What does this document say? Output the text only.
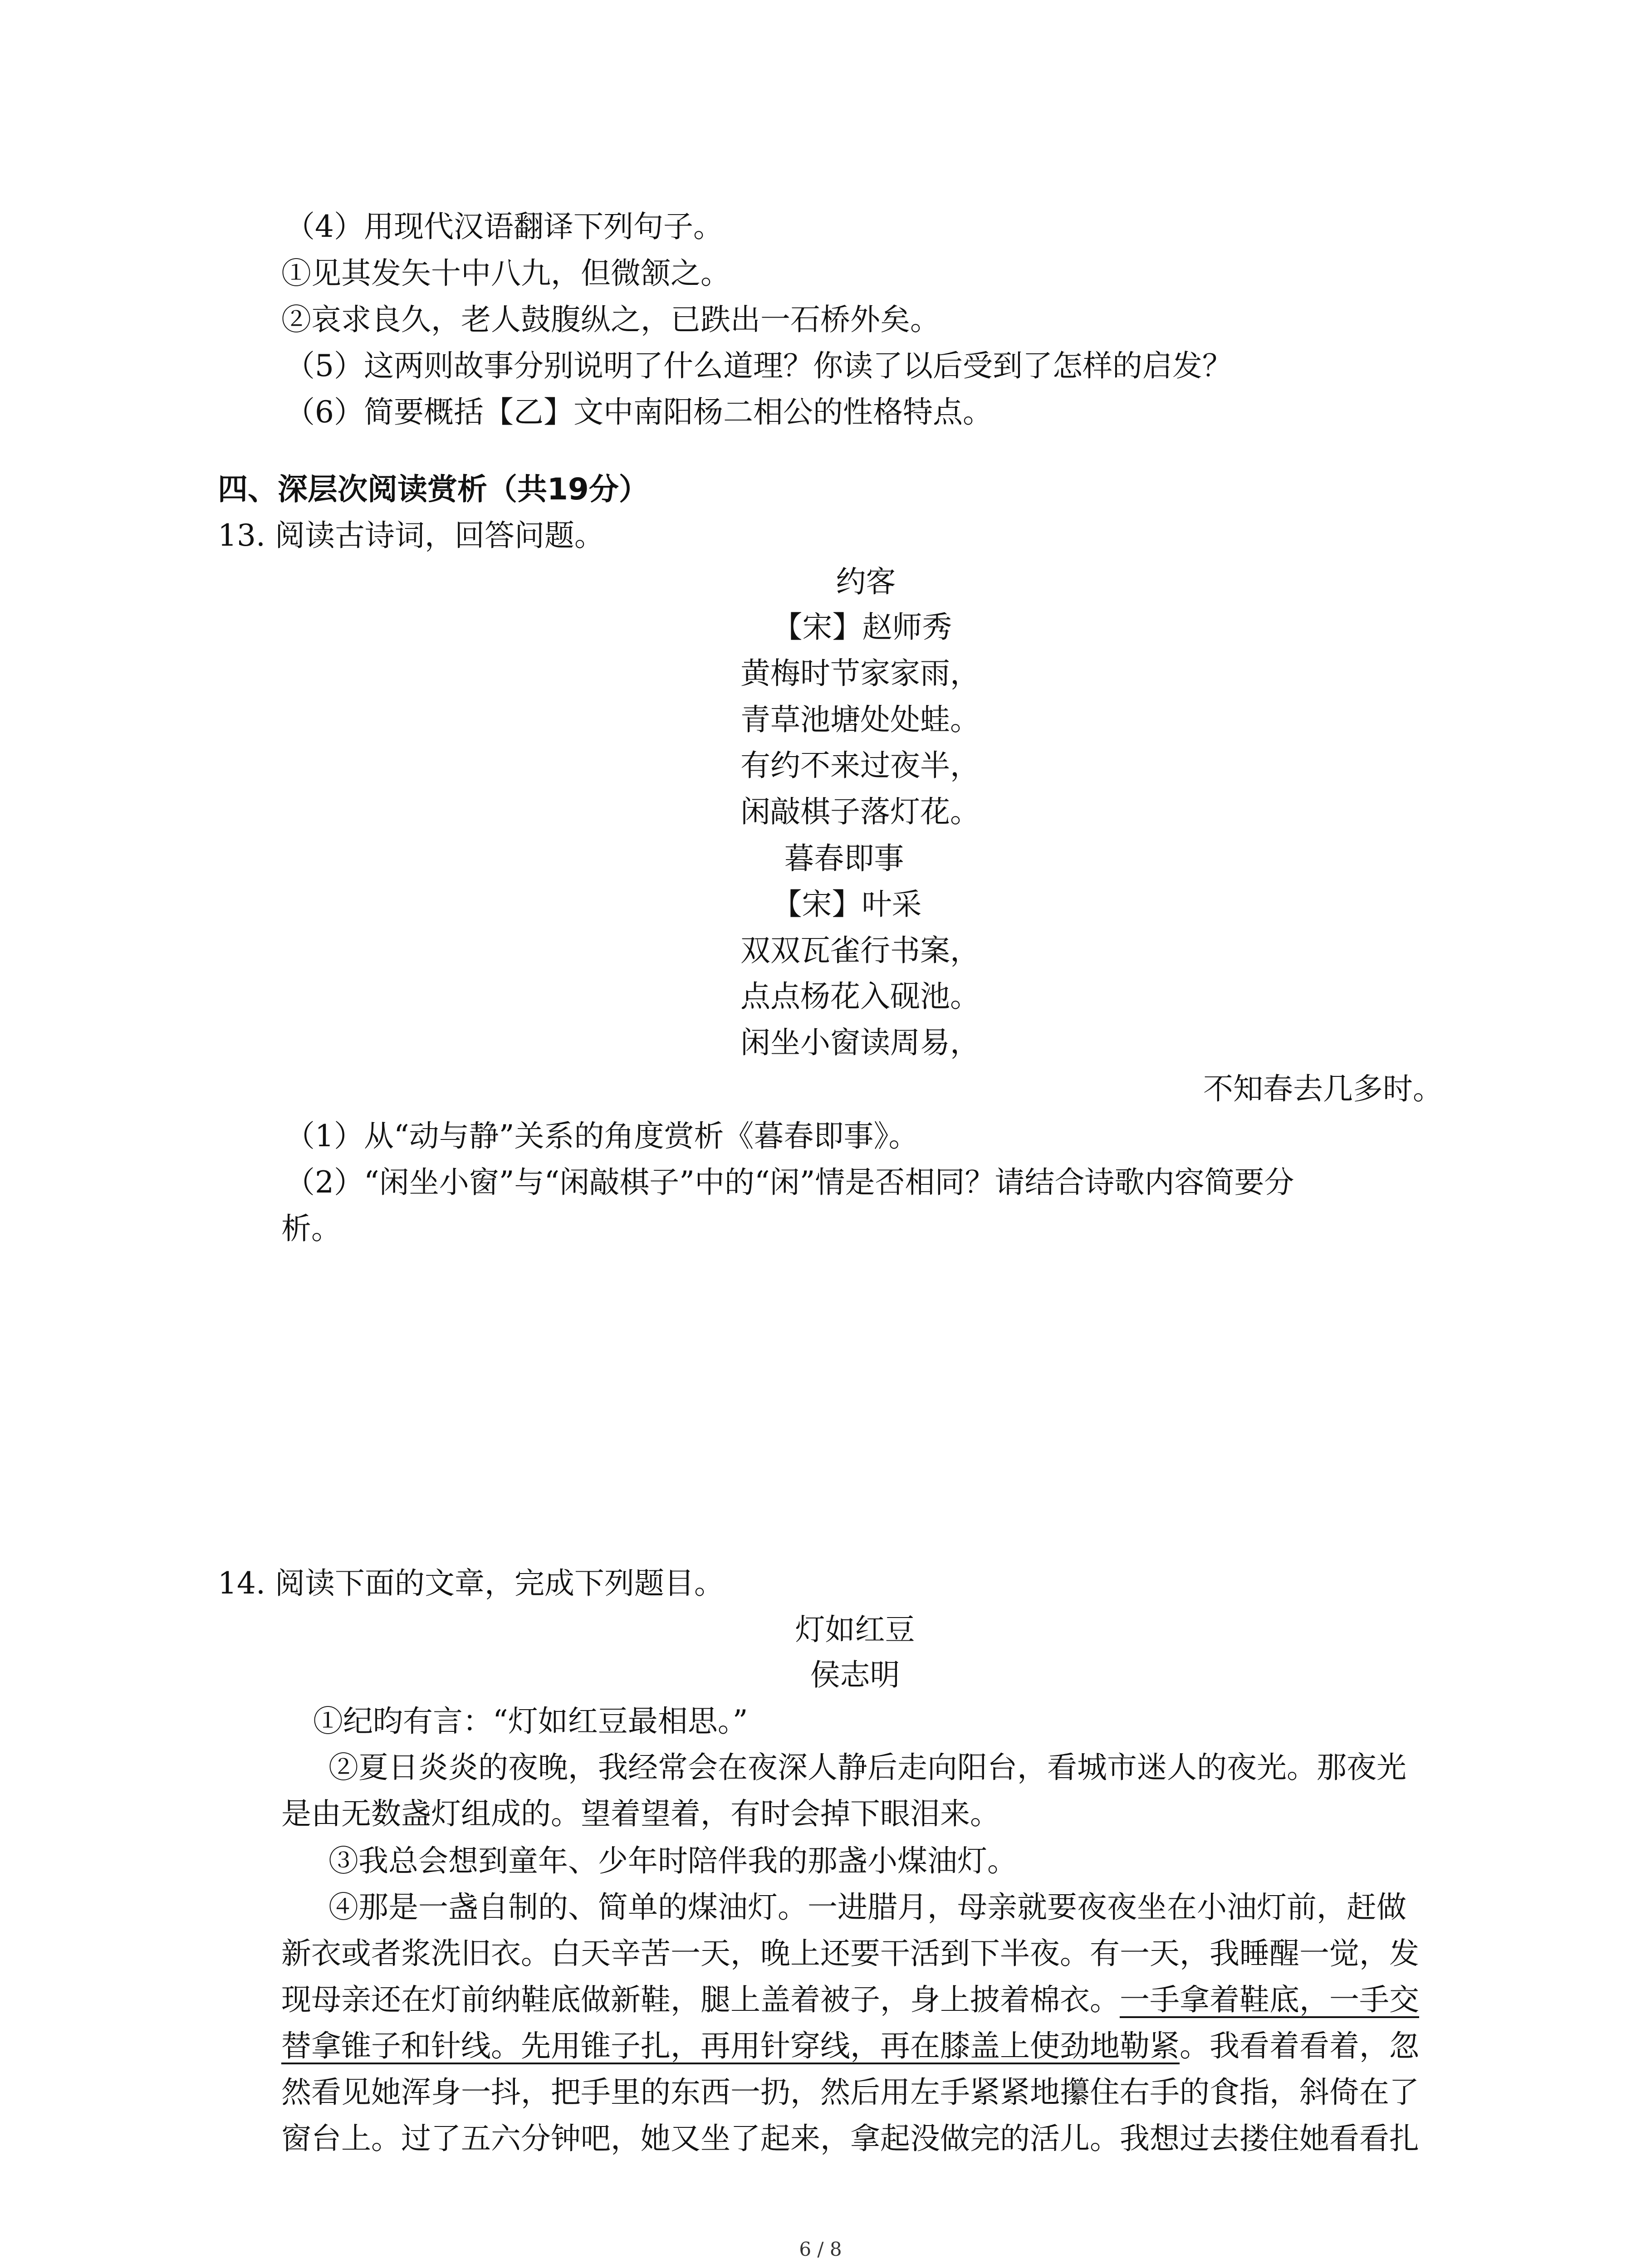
（4）用现代汉语翻译下列句子。

①见其发矢十中八九，但微颔之。

②哀求良久，老人鼓腹纵之，已跌出一石桥外矣。

（5）这两则故事分别说明了什么道理？你读了以后受到了怎样的启发？

（6）简要概括【乙】文中南阳杨二相公的性格特点。

四、深层次阅读赏析（共19分）

13. 阅读古诗词，回答问题。

约客

【宋】赵师秀

黄梅时节家家雨，

青草池塘处处蛙。

有约不来过夜半，

闲敲棋子落灯花。

暮春即事

【宋】叶采

双双瓦雀行书案，

点点杨花入砚池。

闲坐小窗读周易，

不知春去几多时。

（1）从“动与静”关系的角度赏析《暮春即事》。

（2）“闲坐小窗”与“闲敲棋子”中的“闲”情是否相同？请结合诗歌内容简要分

析。

14. 阅读下面的文章，完成下列题目。

灯如红豆

侯志明

①纪昀有言：“灯如红豆最相思。”

②夏日炎炎的夜晚，我经常会在夜深人静后走向阳台，看城市迷人的夜光。那夜光

是由无数盏灯组成的。望着望着，有时会掉下眼泪来。

③我总会想到童年、少年时陪伴我的那盏小煤油灯。

④那是一盏自制的、简单的煤油灯。一进腊月，母亲就要夜夜坐在小油灯前，赶做

新衣或者浆洗旧衣。白天辛苦一天，晚上还要干活到下半夜。有一天，我睡醒一觉，发

现母亲还在灯前纳鞋底做新鞋，腿上盖着被子，身上披着棉衣。一手拿着鞋底，一手交

替拿锥子和针线。先用锥子扎，再用针穿线，再在膝盖上使劲地勒紧。我看着看着，忽

然看见她浑身一抖，把手里的东西一扔，然后用左手紧紧地攥住右手的食指，斜倚在了

窗台上。过了五六分钟吧，她又坐了起来，拿起没做完的活儿。我想过去搂住她看看扎

6 / 8
